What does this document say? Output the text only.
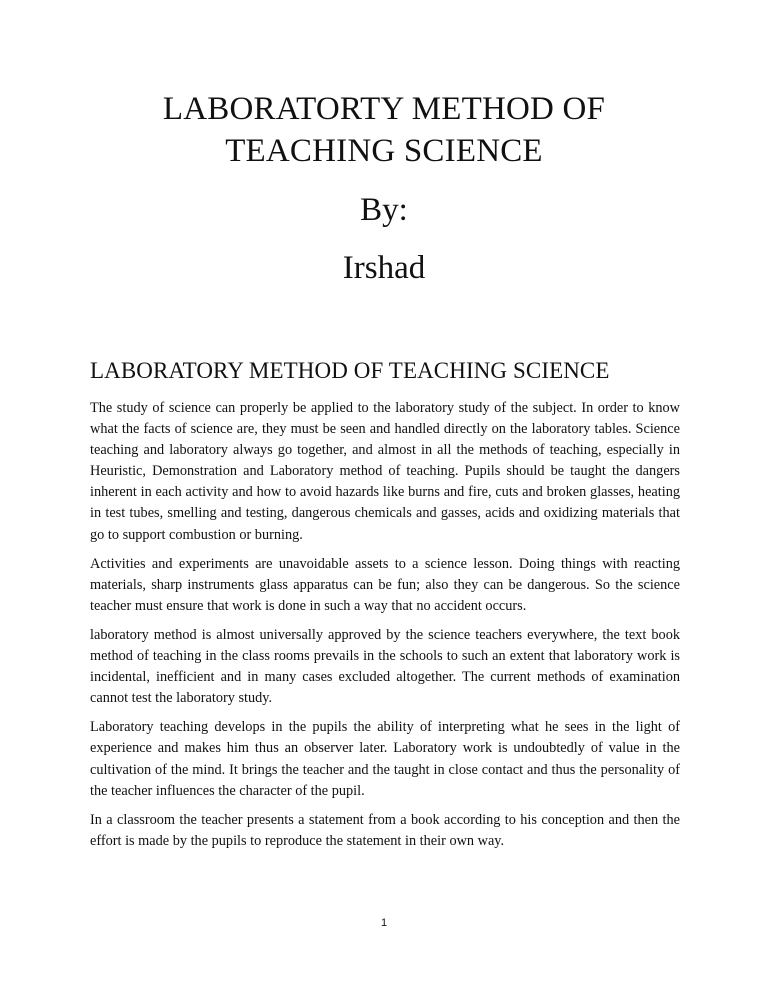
LABORATORTY METHOD OF
TEACHING SCIENCE
By:
Irshad
LABORATORY METHOD OF TEACHING SCIENCE

The study of science can properly be applied to the laboratory study of the subject. In order to know what the facts of science are, they must be seen and handled directly on the laboratory tables. Science teaching and laboratory always go together, and almost in all the methods of teaching, especially in Heuristic, Demonstration and Laboratory method of teaching. Pupils should be taught the dangers inherent in each activity and how to avoid hazards like burns and fire, cuts and broken glasses, heating in test tubes, smelling and testing, dangerous chemicals and gasses, acids and oxidizing materials that go to support combustion or burning.

Activities and experiments are unavoidable assets to a science lesson. Doing things with reacting materials, sharp instruments glass apparatus can be fun; also they can be dangerous. So the science teacher must ensure that work is done in such a way that no accident occurs.

laboratory method is almost universally approved by the science teachers everywhere, the text book method of teaching in the class rooms prevails in the schools to such an extent that laboratory work is incidental, inefficient and in many cases excluded altogether. The current methods of examination cannot test the laboratory study.

Laboratory teaching develops in the pupils the ability of interpreting what he sees in the light of experience and makes him thus an observer later. Laboratory work is undoubtedly of value in the cultivation of the mind. It brings the teacher and the taught in close contact and thus the personality of the teacher influences the character of the pupil.

In a classroom the teacher presents a statement from a book according to his conception and then the effort is made by the pupils to reproduce the statement in their own way.

1
